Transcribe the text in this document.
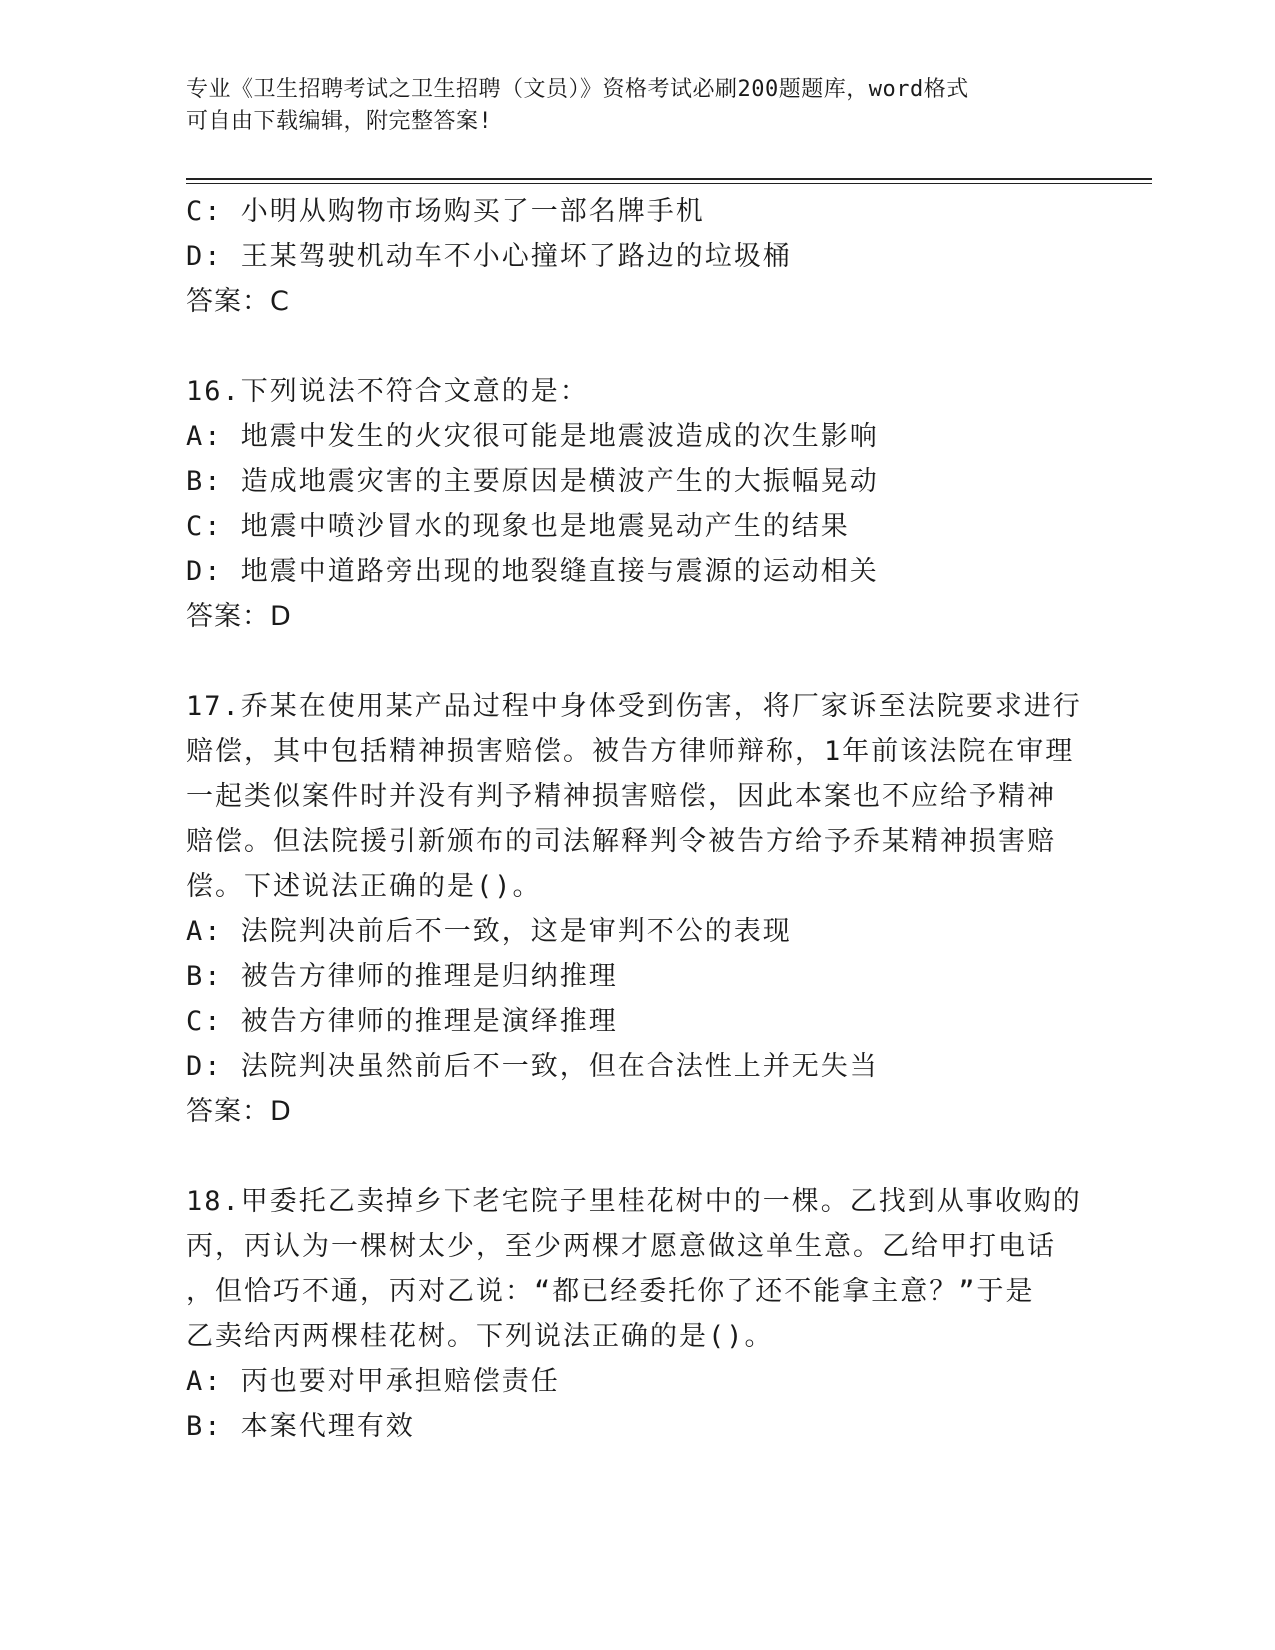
专业《卫生招聘考试之卫生招聘（文员）》资格考试必刷200题题库，word格式
可自由下载编辑，附完整答案!
C: 小明从购物市场购买了一部名牌手机
D: 王某驾驶机动车不小心撞坏了路边的垃圾桶
答案：C
16.下列说法不符合文意的是：
A: 地震中发生的火灾很可能是地震波造成的次生影响
B: 造成地震灾害的主要原因是横波产生的大振幅晃动
C: 地震中喷沙冒水的现象也是地震晃动产生的结果
D: 地震中道路旁出现的地裂缝直接与震源的运动相关
答案：D
17.乔某在使用某产品过程中身体受到伤害，将厂家诉至法院要求进行
赔偿，其中包括精神损害赔偿。被告方律师辩称，1年前该法院在审理
一起类似案件时并没有判予精神损害赔偿，因此本案也不应给予精神
赔偿。但法院援引新颁布的司法解释判令被告方给予乔某精神损害赔
偿。下述说法正确的是()。
A: 法院判决前后不一致，这是审判不公的表现
B: 被告方律师的推理是归纳推理
C: 被告方律师的推理是演绎推理
D: 法院判决虽然前后不一致，但在合法性上并无失当
答案：D
18.甲委托乙卖掉乡下老宅院子里桂花树中的一棵。乙找到从事收购的
丙，丙认为一棵树太少，至少两棵才愿意做这单生意。乙给甲打电话
，但恰巧不通，丙对乙说：“都已经委托你了还不能拿主意？”于是
乙卖给丙两棵桂花树。下列说法正确的是()。
A: 丙也要对甲承担赔偿责任
B: 本案代理有效
